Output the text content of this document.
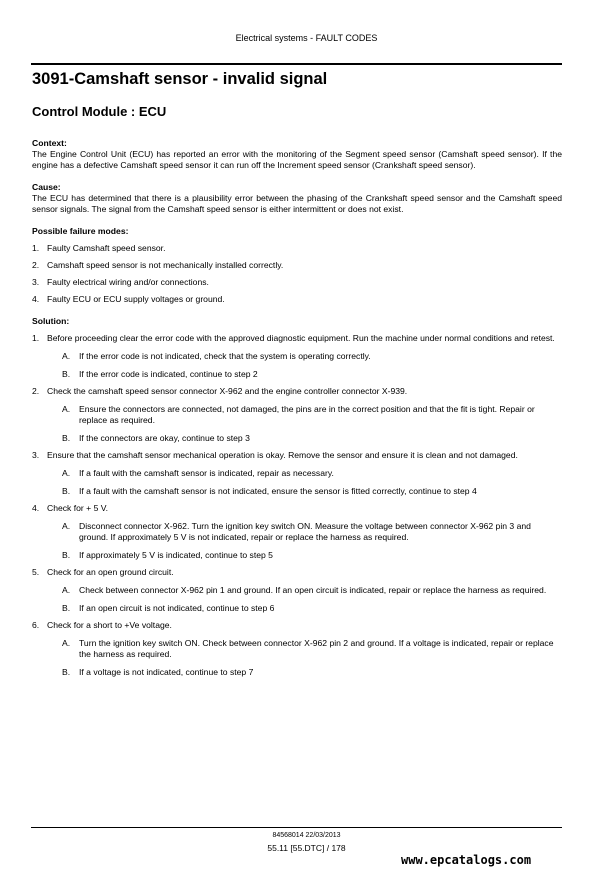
Electrical systems - FAULT CODES
3091-Camshaft sensor - invalid signal
Control Module : ECU

Context:

The Engine Control Unit (ECU) has reported an error with the monitoring of the Segment speed sensor (Camshaft speed sensor). If the engine has a defective Camshaft speed sensor it can run off the Increment speed sensor (Crankshaft speed sensor).

Cause:

The ECU has determined that there is a plausibility error between the phasing of the Crankshaft speed sensor and the Camshaft speed sensor signals. The signal from the Camshaft speed sensor is either intermittent or does not exist.

Possible failure modes:

1. Faulty Camshaft speed sensor.
2. Camshaft speed sensor is not mechanically installed correctly.
3. Faulty electrical wiring and/or connections.
4. Faulty ECU or ECU supply voltages or ground.

Solution:

1. Before proceeding clear the error code with the approved diagnostic equipment. Run the machine under normal conditions and retest.
A. If the error code is not indicated, check that the system is operating correctly.
B. If the error code is indicated, continue to step 2
2. Check the camshaft speed sensor connector X-962 and the engine controller connector X-939.
A. Ensure the connectors are connected, not damaged, the pins are in the correct position and that the fit is tight. Repair or replace as required.
B. If the connectors are okay, continue to step 3
3. Ensure that the camshaft sensor mechanical operation is okay. Remove the sensor and ensure it is clean and not damaged.
A. If a fault with the camshaft sensor is indicated, repair as necessary.
B. If a fault with the camshaft sensor is not indicated, ensure the sensor is fitted correctly, continue to step 4
4. Check for + 5 V.
A. Disconnect connector X-962. Turn the ignition key switch ON. Measure the voltage between connector X-962 pin 3 and ground. If approximately 5 V is not indicated, repair or replace the harness as required.
B. If approximately 5 V is indicated, continue to step 5
5. Check for an open ground circuit.
A. Check between connector X-962 pin 1 and ground. If an open circuit is indicated, repair or replace the harness as required.
B. If an open circuit is not indicated, continue to step 6
6. Check for a short to +Ve voltage.
A. Turn the ignition key switch ON. Check between connector X-962 pin 2 and ground. If a voltage is indicated, repair or replace the harness as required.
B. If a voltage is not indicated, continue to step 7
84568014 22/03/2013
55.11 [55.DTC] / 178
www.epcatalogs.com
